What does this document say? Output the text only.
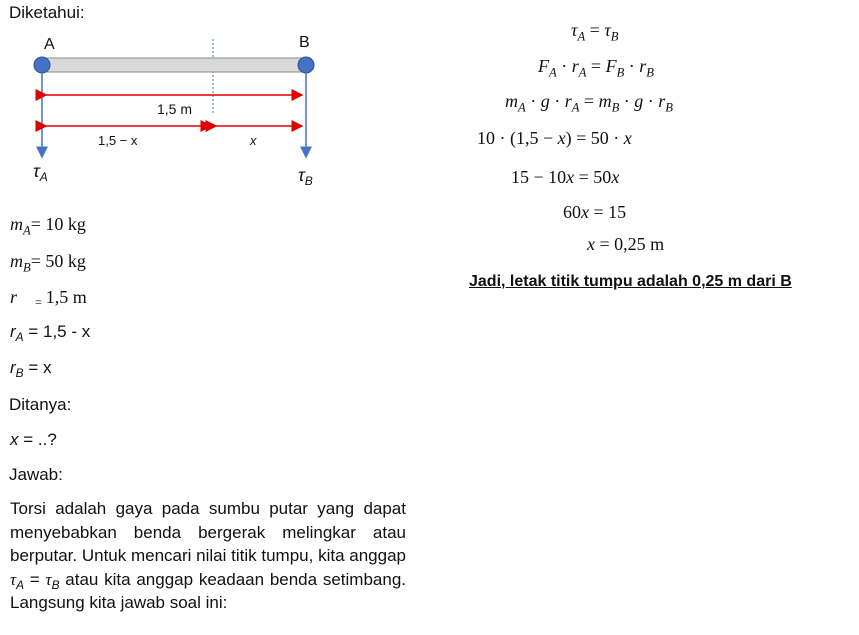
Diketahui:
A	B
1,5 m
1,5 − x	x
$\tau_A$	$\tau_B$
$m_A= 10$ kg
$m_B= 50$ kg
r = 1,5 m
$r_A = 1,5 - x$
$r_B = x$
Ditanya:
x = ..?
Jawab:
Torsi adalah gaya pada sumbu putar yang dapat menyebabkan benda bergerak melingkar atau berputar. Untuk mencari nilai titik tumpu, kita anggap $\tau_A = \tau_B$ atau kita anggap keadaan benda setimbang. Langsung kita jawab soal ini:
$\tau_A = \tau_B$
$F_A \cdot r_A = F_B \cdot r_B$
$m_A \cdot g \cdot r_A = m_B \cdot g \cdot r_B$
10 · (1,5 − x) = 50 · x
15 − 10x = 50x
60x = 15
x = 0,25 m
Jadi, letak titik tumpu adalah 0,25 m dari B
